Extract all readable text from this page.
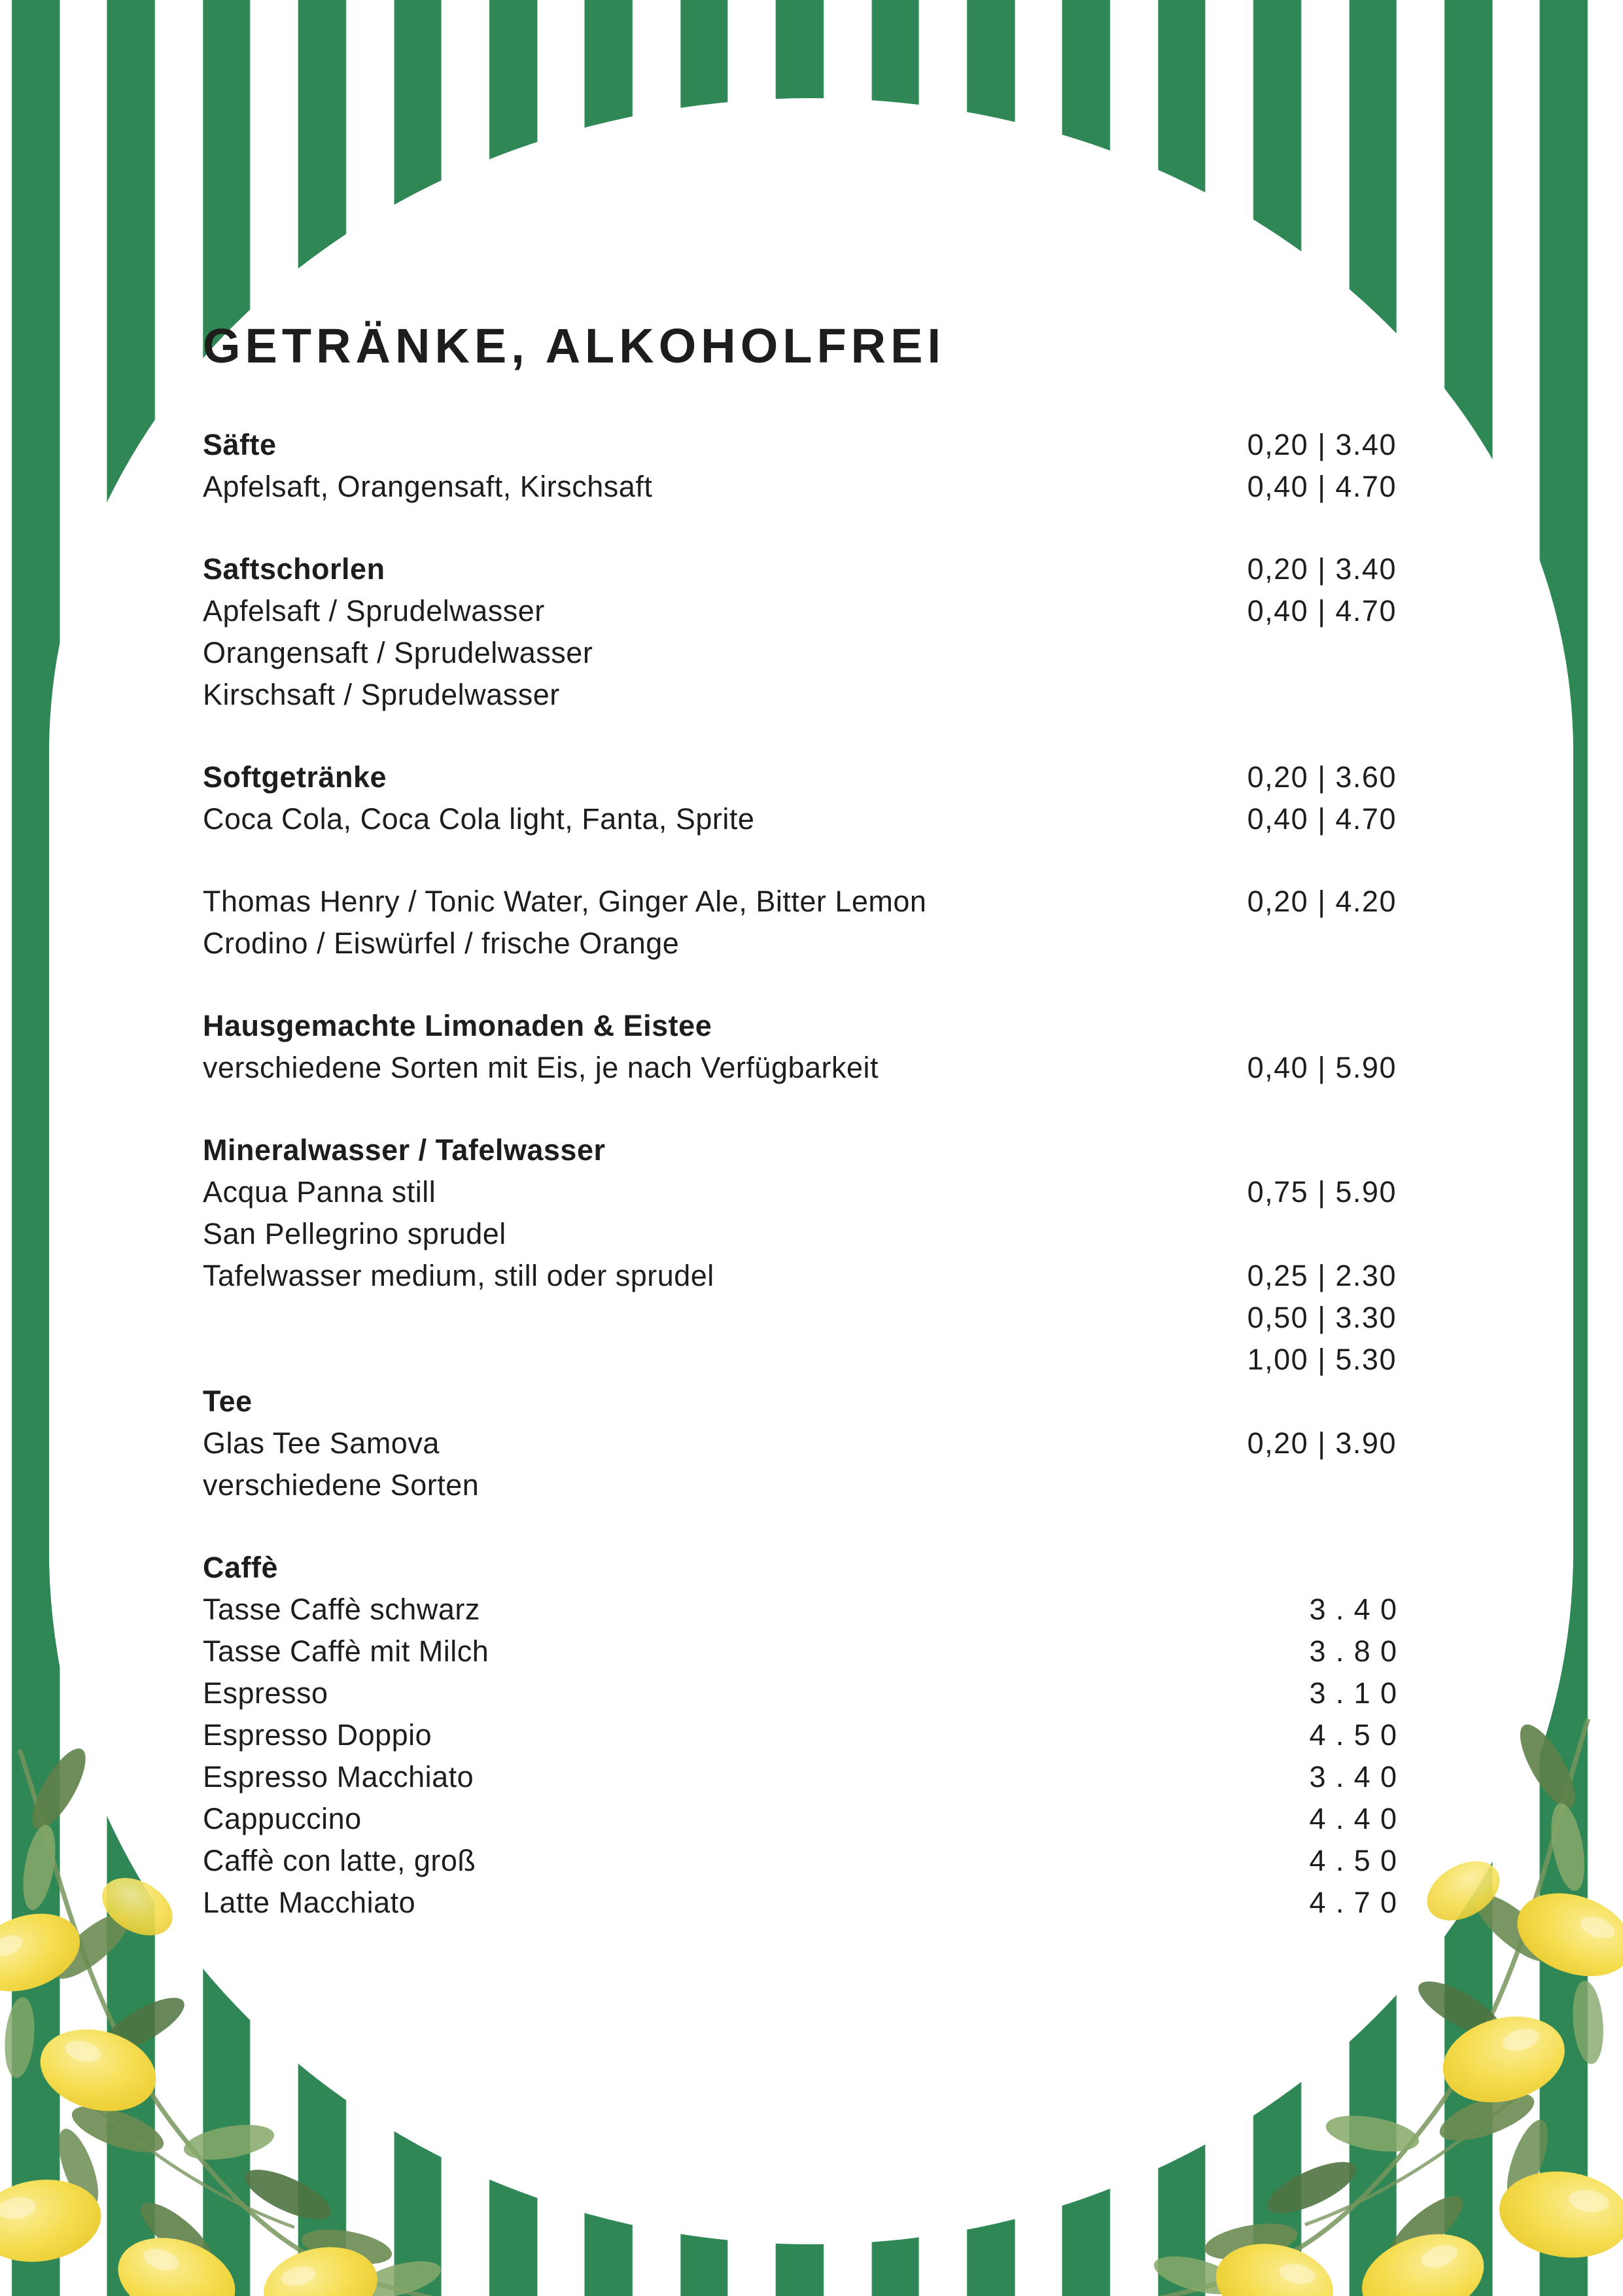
GETRÄNKE, ALKOHOLFREI
Säfte	0,20 | 3.40
Apfelsaft, Orangensaft, Kirschsaft	0,40 | 4.70
Saftschorlen	0,20 | 3.40
Apfelsaft / Sprudelwasser	0,40 | 4.70
Orangensaft / Sprudelwasser
Kirschsaft / Sprudelwasser
Softgetränke	0,20 | 3.60
Coca Cola, Coca Cola light, Fanta, Sprite	0,40 | 4.70
Thomas Henry / Tonic Water, Ginger Ale, Bitter Lemon	0,20 | 4.20
Crodino / Eiswürfel / frische Orange
Hausgemachte Limonaden & Eistee
verschiedene Sorten mit Eis, je nach Verfügbarkeit	0,40 | 5.90
Mineralwasser / Tafelwasser
Acqua Panna still	0,75 | 5.90
San Pellegrino sprudel
Tafelwasser medium, still oder sprudel	0,25 | 2.30
0,50 | 3.30
1,00 | 5.30
Tee
Glas Tee Samova	0,20 | 3.90
verschiedene Sorten
Caffè
Tasse Caffè schwarz	3.40
Tasse Caffè mit Milch	3.80
Espresso	3.10
Espresso Doppio	4.50
Espresso Macchiato	3.40
Cappuccino	4.40
Caffè con latte, groß	4.50
Latte Macchiato	4.70
